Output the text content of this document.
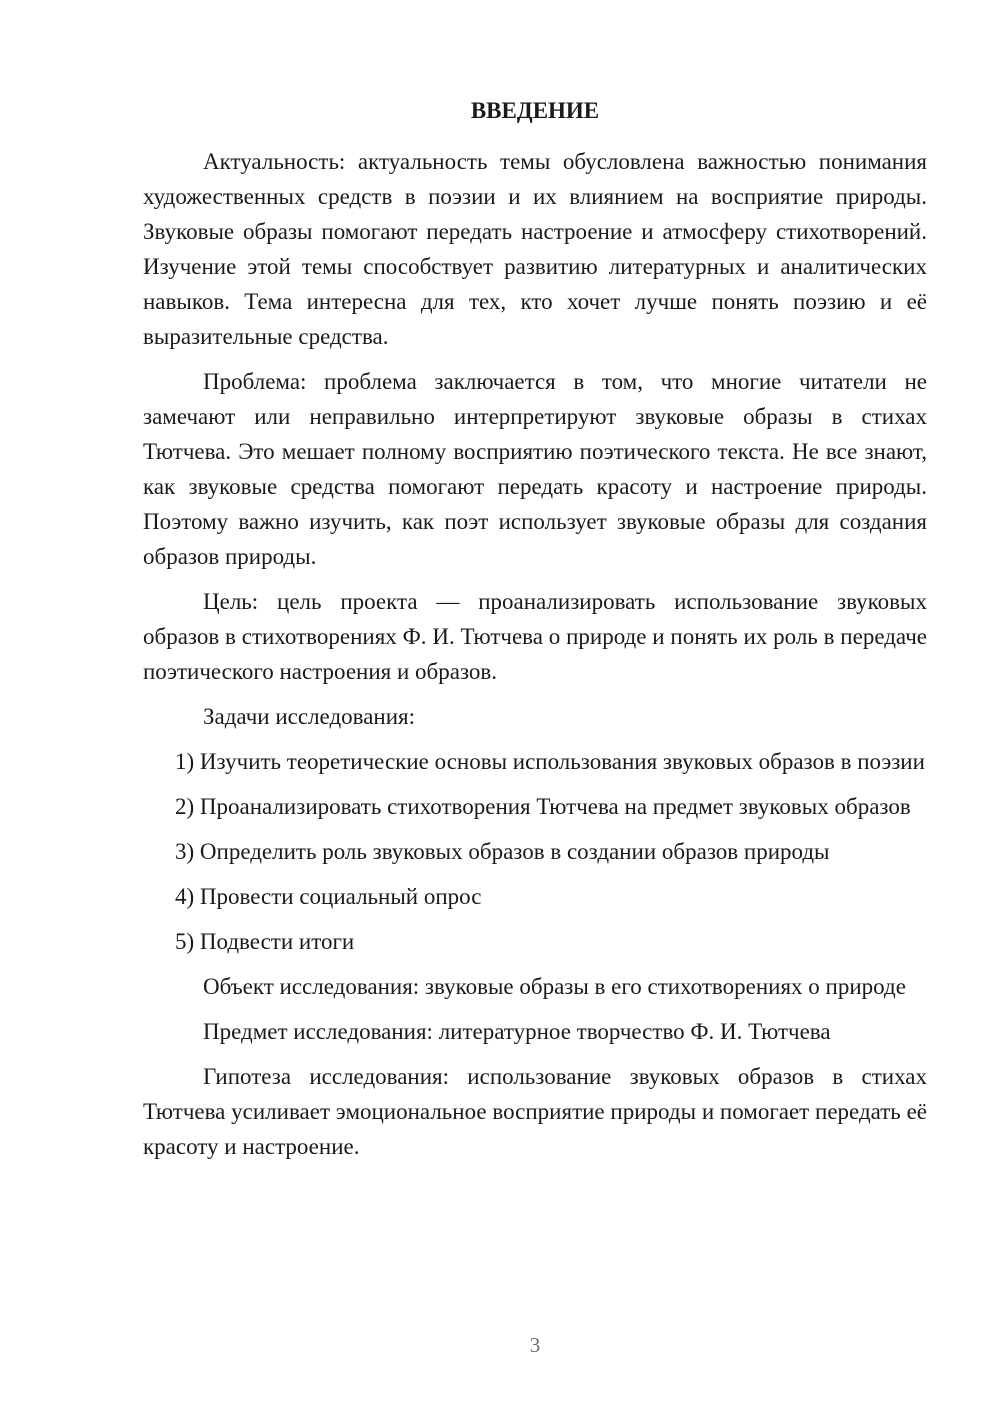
ВВЕДЕНИЕ

Актуальность: актуальность темы обусловлена важностью понимания художественных средств в поэзии и их влиянием на восприятие природы. Звуковые образы помогают передать настроение и атмосферу стихотворений. Изучение этой темы способствует развитию литературных и аналитических навыков. Тема интересна для тех, кто хочет лучше понять поэзию и её выразительные средства.

Проблема: проблема заключается в том, что многие читатели не замечают или неправильно интерпретируют звуковые образы в стихах Тютчева. Это мешает полному восприятию поэтического текста. Не все знают, как звуковые средства помогают передать красоту и настроение природы. Поэтому важно изучить, как поэт использует звуковые образы для создания образов природы.

Цель: цель проекта — проанализировать использование звуковых образов в стихотворениях Ф. И. Тютчева о природе и понять их роль в передаче поэтического настроения и образов.

Задачи исследования:

1) Изучить теоретические основы использования звуковых образов в поэзии

2) Проанализировать стихотворения Тютчева на предмет звуковых образов

3) Определить роль звуковых образов в создании образов природы

4) Провести социальный опрос

5) Подвести итоги

Объект исследования: звуковые образы в его стихотворениях о природе

Предмет исследования: литературное творчество Ф. И. Тютчева

Гипотеза исследования: использование звуковых образов в стихах Тютчева усиливает эмоциональное восприятие природы и помогает передать её красоту и настроение.

3
